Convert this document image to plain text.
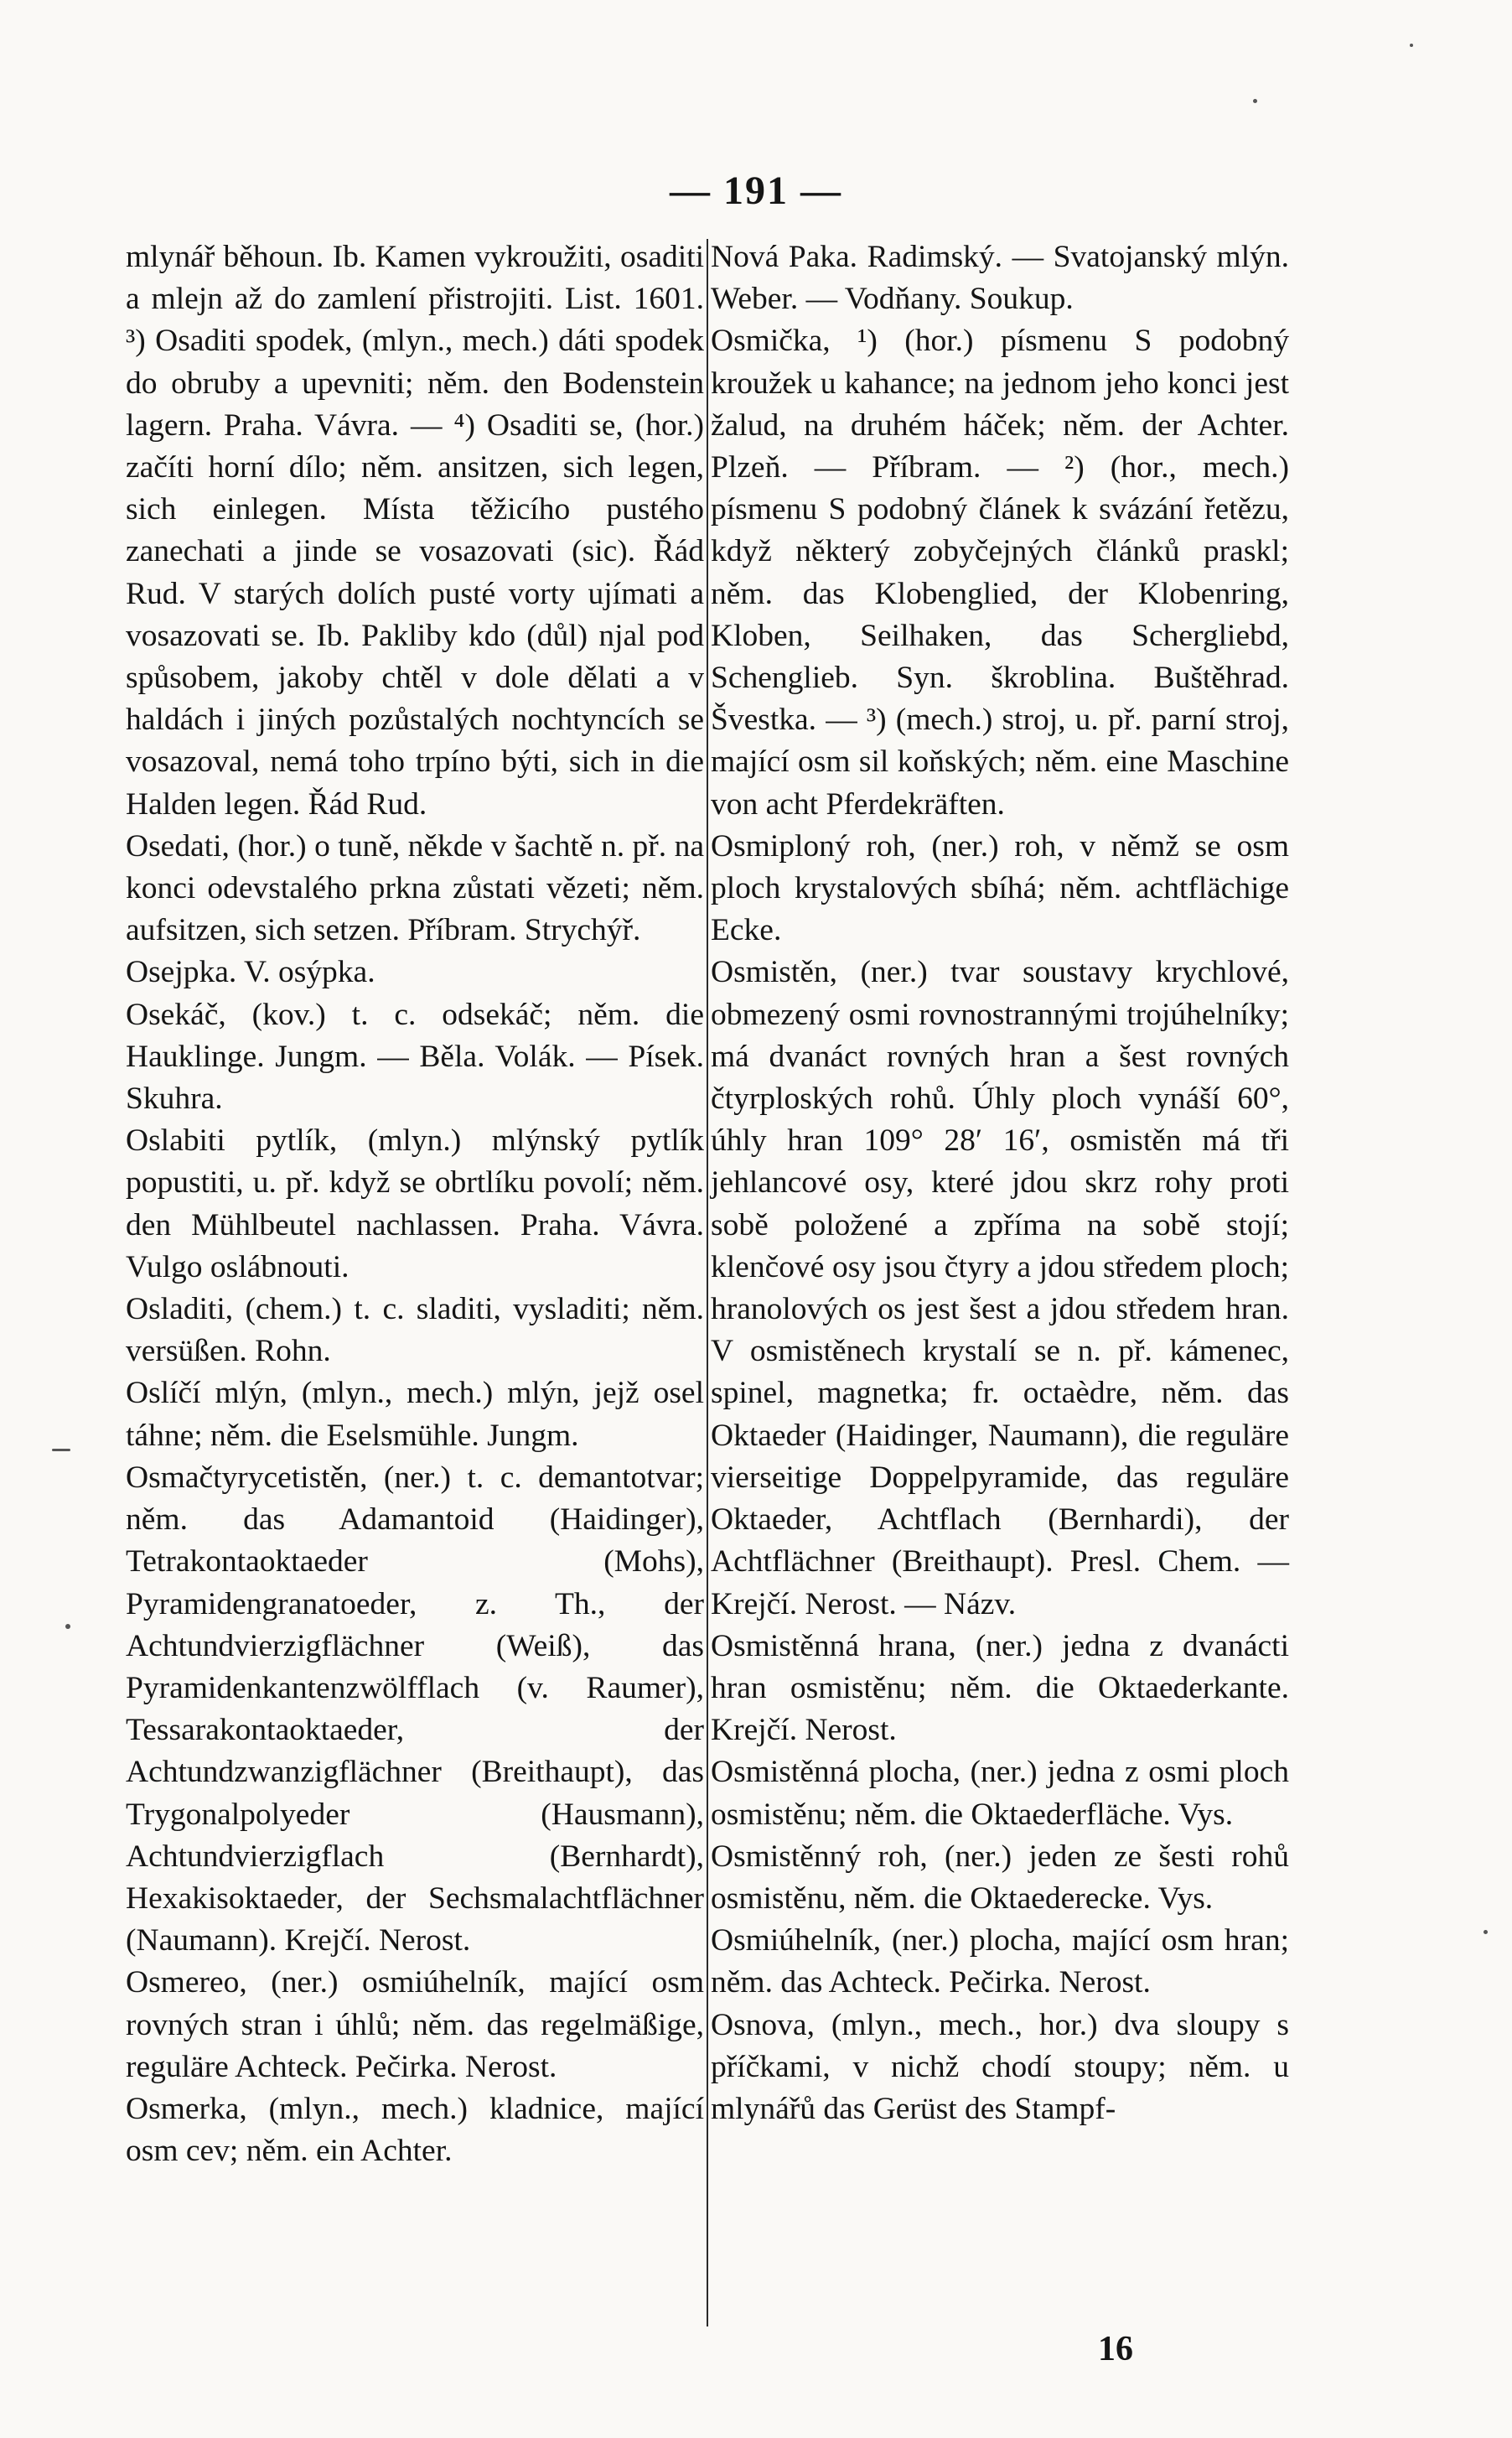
— 191 —

mlynář běhoun. Ib. Kamen vykroužiti, osaditi a mlejn až do zamlení přistrojiti. List. 1601. ³) Osaditi spodek, (mlyn., mech.) dáti spodek do obruby a upevniti; něm. den Bodenstein lagern. Praha. Vávra. — ⁴) Osaditi se, (hor.) začíti horní dílo; něm. ansitzen, sich legen, sich einlegen. Místa těžicího pustého zanechati a jinde se vosazovati (sic). Řád Rud. V starých dolích pusté vorty ujímati a vosazovati se. Ib. Pakliby kdo (důl) njal pod spůsobem, jakoby chtěl v dole dělati a v haldách i jiných pozůstalých nochtyncích se vosazoval, nemá toho trpíno býti, sich in die Halden legen. Řád Rud.

Osedati, (hor.) o tuně, někde v šachtě n. př. na konci odevstalého prkna zůstati vězeti; něm. aufsitzen, sich setzen. Příbram. Strychýř.

Osejpka. V. osýpka.

Osekáč, (kov.) t. c. odsekáč; něm. die Hauklinge. Jungm. — Běla. Volák. — Písek. Skuhra.

Oslabiti pytlík, (mlyn.) mlýnský pytlík popustiti, u. př. když se obrtlíku povolí; něm. den Mühlbeutel nachlassen. Praha. Vávra. Vulgo oslábnouti.

Osladiti, (chem.) t. c. sladiti, vysladiti; něm. versüßen. Rohn.

Oslíčí mlýn, (mlyn., mech.) mlýn, jejž osel táhne; něm. die Eselsmühle. Jungm.

Osmačtyrycetistěn, (ner.) t. c. demantotvar; něm. das Adamantoid (Haidinger), Tetrakontaoktaeder (Mohs), Pyramidengranatoeder, z. Th., der Achtundvierzigflächner (Weiß), das Pyramidenkantenzwölfflach (v. Raumer), Tessarakontaoktaeder, der Achtundzwanzigflächner (Breithaupt), das Trygonalpolyeder (Hausmann), Achtundvierzigflach (Bernhardt), Hexakisoktaeder, der Sechsmalachtflächner (Naumann). Krejčí. Nerost.

Osmereo, (ner.) osmiúhelník, mající osm rovných stran i úhlů; něm. das regelmäßige, reguläre Achteck. Pečirka. Nerost.

Osmerka, (mlyn., mech.) kladnice, mající osm cev; něm. ein Achter.

Nová Paka. Radimský. — Svatojanský mlýn. Weber. — Vodňany. Soukup.

Osmička, ¹) (hor.) písmenu S podobný kroužek u kahance; na jednom jeho konci jest žalud, na druhém háček; něm. der Achter. Plzeň. — Příbram. — ²) (hor., mech.) písmenu S podobný článek k svázání řetězu, když některý zobyčejných článků praskl; něm. das Klobenglied, der Klobenring, Kloben, Seilhaken, das Schergliebd, Schenglieb. Syn. škroblina. Buštěhrad. Švestka. — ³) (mech.) stroj, u. př. parní stroj, mající osm sil koňských; něm. eine Maschine von acht Pferdekräften.

Osmiploný roh, (ner.) roh, v němž se osm ploch krystalových sbíhá; něm. achtflächige Ecke.

Osmistěn, (ner.) tvar soustavy krychlové, obmezený osmi rovnostrannými trojúhelníky; má dvanáct rovných hran a šest rovných čtyrploských rohů. Úhly ploch vynáší 60°, úhly hran 109° 28′ 16′, osmistěn má tři jehlancové osy, které jdou skrz rohy proti sobě položené a zpříma na sobě stojí; klenčové osy jsou čtyry a jdou středem ploch; hranolových os jest šest a jdou středem hran. V osmistěnech krystalí se n. př. kámenec, spinel, magnetka; fr. octaèdre, něm. das Oktaeder (Haidinger, Naumann), die reguläre vierseitige Doppelpyramide, das reguläre Oktaeder, Achtflach (Bernhardi), der Achtflächner (Breithaupt). Presl. Chem. — Krejčí. Nerost. — Názv.

Osmistěnná hrana, (ner.) jedna z dvanácti hran osmistěnu; něm. die Oktaederkante. Krejčí. Nerost.

Osmistěnná plocha, (ner.) jedna z osmi ploch osmistěnu; něm. die Oktaederfläche. Vys.

Osmistěnný roh, (ner.) jeden ze šesti rohů osmistěnu, něm. die Oktaederecke. Vys.

Osmiúhelník, (ner.) plocha, mající osm hran; něm. das Achteck. Pečirka. Nerost.

Osnova, (mlyn., mech., hor.) dva sloupy s příčkami, v nichž chodí stoupy; něm. u mlynářů das Gerüst des Stampf-

16
